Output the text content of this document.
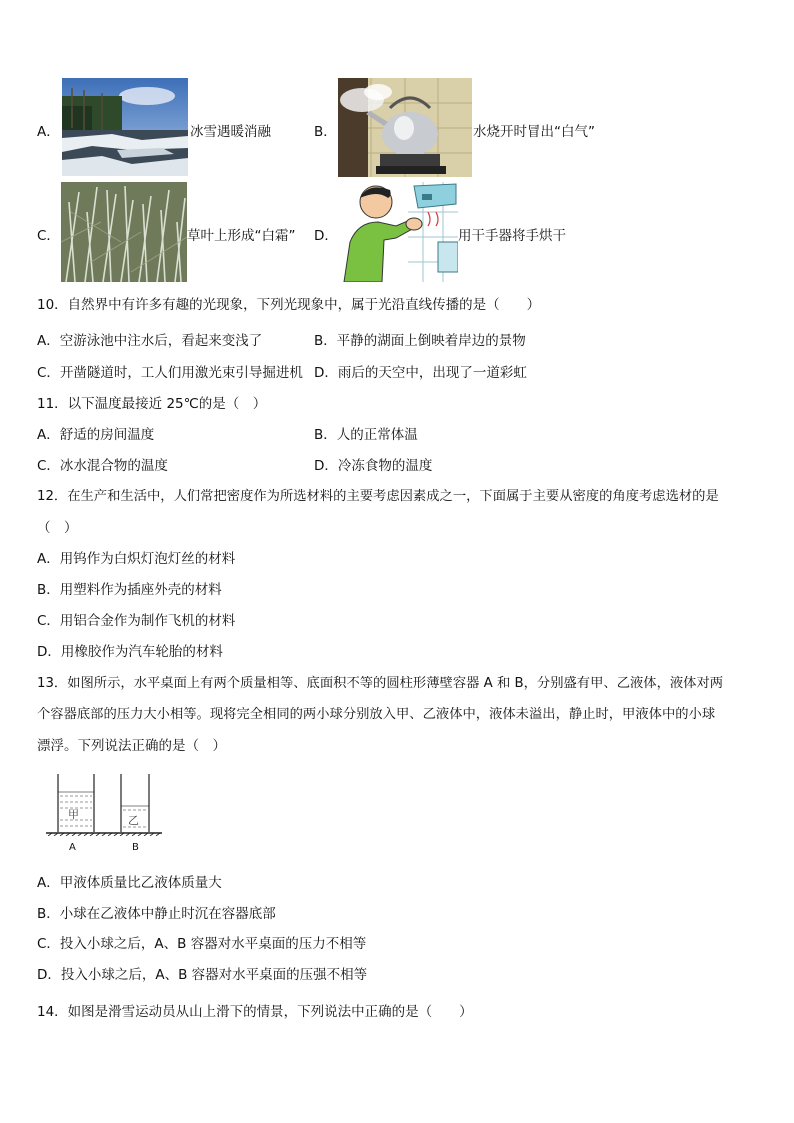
A．	冰雪遇暖消融	B．	水烧开时冒出“白气”
C．	草叶上形成“白霜” D．	用干手器将手烘干
10．自然界中有许多有趣的光现象，下列光现象中，属于光沿直线传播的是（　　）
A．空游泳池中注水后，看起来变浅了	B．平静的湖面上倒映着岸边的景物
C．开凿隧道时，工人们用激光束引导掘进机 D．雨后的天空中，出现了一道彩虹
11．以下温度最接近 25℃的是（　）
A．舒适的房间温度	B．人的正常体温
C．冰水混合物的温度	D．冷冻食物的温度
12．在生产和生活中，人们常把密度作为所选材料的主要考虑因素成之一，下面属于主要从密度的角度考虑选材的是
（　）
A．用钨作为白炽灯泡灯丝的材料
B．用塑料作为插座外壳的材料
C．用铝合金作为制作飞机的材料
D．用橡胶作为汽车轮胎的材料
13．如图所示，水平桌面上有两个质量相等、底面积不等的圆柱形薄壁容器 A 和 B，分别盛有甲、乙液体，液体对两
个容器底部的压力大小相等。现将完全相同的两小球分别放入甲、乙液体中，液体未溢出，静止时，甲液体中的小球
漂浮。下列说法正确的是（　）
甲	乙
A	B
A．甲液体质量比乙液体质量大
B．小球在乙液体中静止时沉在容器底部
C．投入小球之后，A、B 容器对水平桌面的压力不相等
D．投入小球之后，A、B 容器对水平桌面的压强不相等
14．如图是滑雪运动员从山上滑下的情景，下列说法中正确的是（　　）
